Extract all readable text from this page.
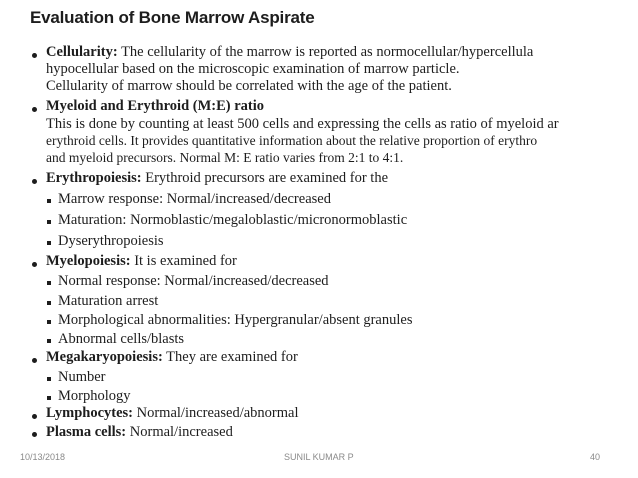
Evaluation of Bone Marrow Aspirate
Cellularity: The cellularity of the marrow is reported as normocellular/hypercellula
hypocellular based on the microscopic examination of marrow particle.
Cellularity of marrow should be correlated with the age of the patient.
Myeloid and Erythroid (M:E) ratio
This is done by counting at least 500 cells and expressing the cells as ratio of myeloid ar
erythroid cells. It provides quantitative information about the relative proportion of erythro
and myeloid precursors. Normal M: E ratio varies from 2:1 to 4:1.
Erythropoiesis: Erythroid precursors are examined for the
Marrow response: Normal/increased/decreased
Maturation: Normoblastic/megaloblastic/micronormoblastic
Dyserythropoiesis
Myelopoiesis: It is examined for
Normal response: Normal/increased/decreased
Maturation arrest
Morphological abnormalities: Hypergranular/absent granules
Abnormal cells/blasts
Megakaryopoiesis: They are examined for
Number
Morphology
Lymphocytes: Normal/increased/abnormal
Plasma cells: Normal/increased
10/13/2018	SUNIL KUMAR P	40
